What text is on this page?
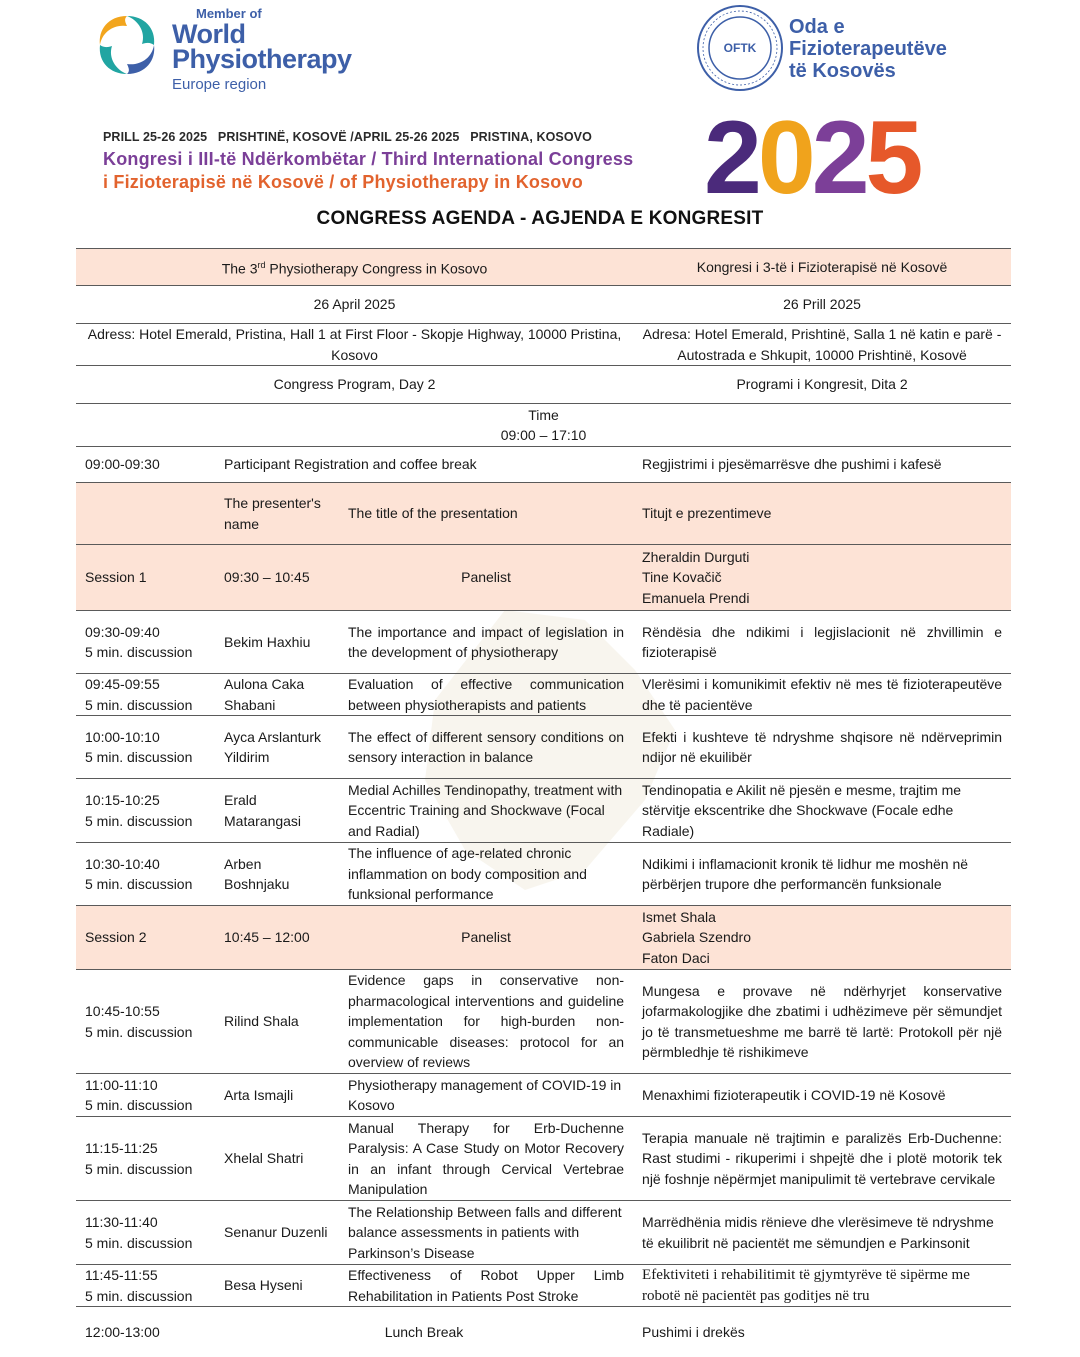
Member of
World
Physiotherapy
Europe region
OFTK
Oda e
Fizioterapeutëve
të Kosovës
PRILL 25-26 2025   PRISHTINË, KOSOVË /APRIL 25-26 2025   PRISTINA, KOSOVO
Kongresi i III-të Ndërkombëtar / Third International Congress
i Fizioterapisë në Kosovë / of Physiotherapy in Kosovo 2025
CONGRESS AGENDA - AGJENDA E KONGRESIT
The 3rd Physiotherapy Congress in Kosovo			Kongresi i 3-të i Fizioterapisë në Kosovë
26 April 2025			26 Prill 2025
Adress: Hotel Emerald, Pristina, Hall 1 at First Floor - Skopje Highway, 10000 Pristina, Kosovo			Adresa: Hotel Emerald, Prishtinë, Salla 1 në katin e parë - Autostrada e Shkupit, 10000 Prishtinë, Kosovë
Congress Program, Day 2			Programi i Kongresit, Dita 2

Time
09:00 – 17:10			

09:00-09:30	Participant Registration and coffee break		Regjistrimi i pjesëmarrësve dhe pushimi i kafesë
	The presenter's name	The title of the presentation	Titujt e prezentimeve
Session 1	09:30 – 10:45	Panelist	Zheraldin Durguti
Tine Kovačič
Emanuela Prendi

09:30-09:40
5 min. discussion	Bekim Haxhiu	The importance and impact of legislation in the development of physiotherapy	Rëndësia dhe ndikimi i legjislacionit në zhvillimin e fizioterapisë

09:45-09:55
5 min. discussion	Aulona Caka Shabani	Evaluation of effective communication between physiotherapists and patients	Vlerësimi i komunikimit efektiv në mes të fizioterapeutëve dhe të pacientëve

10:00-10:10
5 min. discussion	Ayca Arslanturk Yildirim	The effect of different sensory conditions on sensory interaction in balance	Efekti i kushteve të ndryshme shqisore në ndërveprimin ndijor në ekuilibër

10:15-10:25
5 min. discussion	Erald Matarangasi	Medial Achilles Tendinopathy, treatment with Eccentric Training and Shockwave (Focal and Radial)	Tendinopatia e Akilit në pjesën e mesme, trajtim me stërvitje ekscentrike dhe Shockwave (Focale edhe Radiale)

10:30-10:40
5 min. discussion	Arben Boshnjaku	The influence of age-related chronic inflammation on body composition and funksional performance	Ndikimi i inflamacionit kronik të lidhur me moshën në përbërjen trupore dhe performancën funksionale
Session 2	10:45 – 12:00	Panelist	Ismet Shala
Gabriela Szendro
Faton Daci

10:45-10:55
5 min. discussion	Rilind Shala	Evidence gaps in conservative non-pharmacological interventions and guideline implementation for high-burden non-communicable diseases: protocol for an overview of reviews	Mungesa e provave në ndërhyrjet konservative jofarmakologjike dhe zbatimi i udhëzimeve për sëmundjet jo të transmetueshme me barrë të lartë: Protokoll për një përmbledhje të rishikimeve

11:00-11:10
5 min. discussion	Arta Ismajli	Physiotherapy management of COVID-19 in Kosovo	Menaxhimi fizioterapeutik i COVID-19 në Kosovë

11:15-11:25
5 min. discussion	Xhelal Shatri	Manual Therapy for Erb-Duchenne Paralysis: A Case Study on Motor Recovery in an infant through Cervical Vertebrae Manipulation	Terapia manuale në trajtimin e paralizës Erb-Duchenne: Rast studimi - rikuperimi i shpejtë dhe i plotë motorik tek një foshnje nëpërmjet manipulimit të vertebrave cervikale

11:30-11:40
5 min. discussion	Senanur Duzenli	The Relationship Between falls and different balance assessments in patients with Parkinson’s Disease	Marrëdhënia midis rënieve dhe vlerësimeve të ndryshme të ekuilibrit në pacientët me sëmundjen e Parkinsonit

11:45-11:55
5 min. discussion	Besa Hyseni	Effectiveness of Robot Upper Limb Rehabilitation in Patients Post Stroke	Efektiviteti i rehabilitimit të gjymtyrëve të sipërme me robotë në pacientët pas goditjes në tru
12:00-13:00	Lunch Break		Pushimi i drekës
